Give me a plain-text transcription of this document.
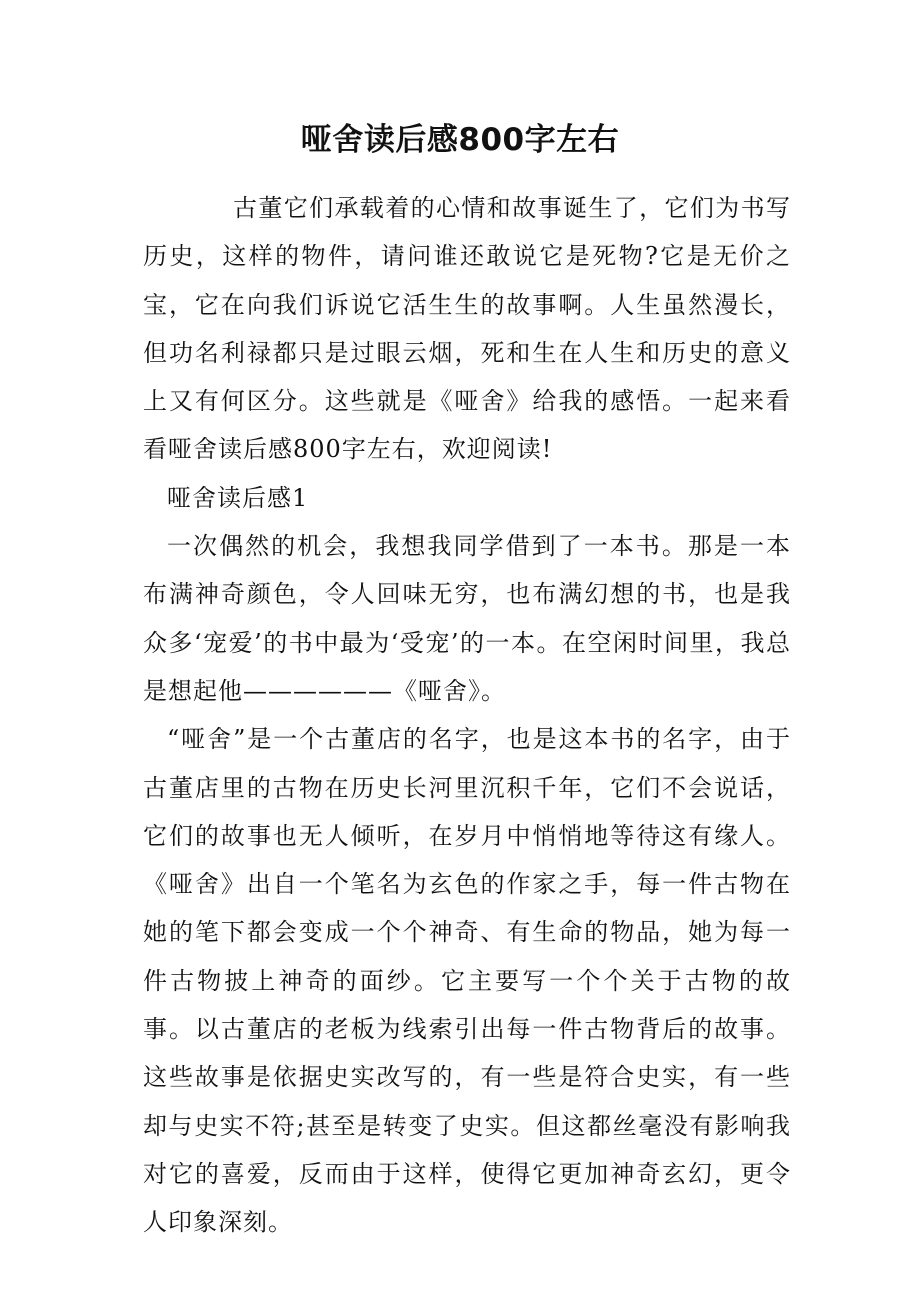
哑舍读后感800字左右

古董它们承载着的心情和故事诞生了，它们为书写历史，这样的物件，请问谁还敢说它是死物?它是无价之宝，它在向我们诉说它活生生的故事啊。人生虽然漫长，但功名利禄都只是过眼云烟，死和生在人生和历史的意义上又有何区分。这些就是《哑舍》给我的感悟。一起来看看哑舍读后感800字左右，欢迎阅读!

哑舍读后感1

一次偶然的机会，我想我同学借到了一本书。那是一本布满神奇颜色，令人回味无穷，也布满幻想的书，也是我众多‘宠爱’的书中最为‘受宠’的一本。在空闲时间里，我总是想起他——————《哑舍》。

“哑舍”是一个古董店的名字，也是这本书的名字，由于古董店里的古物在历史长河里沉积千年，它们不会说话，它们的故事也无人倾听，在岁月中悄悄地等待这有缘人。《哑舍》出自一个笔名为玄色的作家之手，每一件古物在她的笔下都会变成一个个神奇、有生命的物品，她为每一件古物披上神奇的面纱。它主要写一个个关于古物的故事。以古董店的老板为线索引出每一件古物背后的故事。这些故事是依据史实改写的，有一些是符合史实，有一些却与史实不符;甚至是转变了史实。但这都丝毫没有影响我对它的喜爱，反而由于这样，使得它更加神奇玄幻，更令人印象深刻。
